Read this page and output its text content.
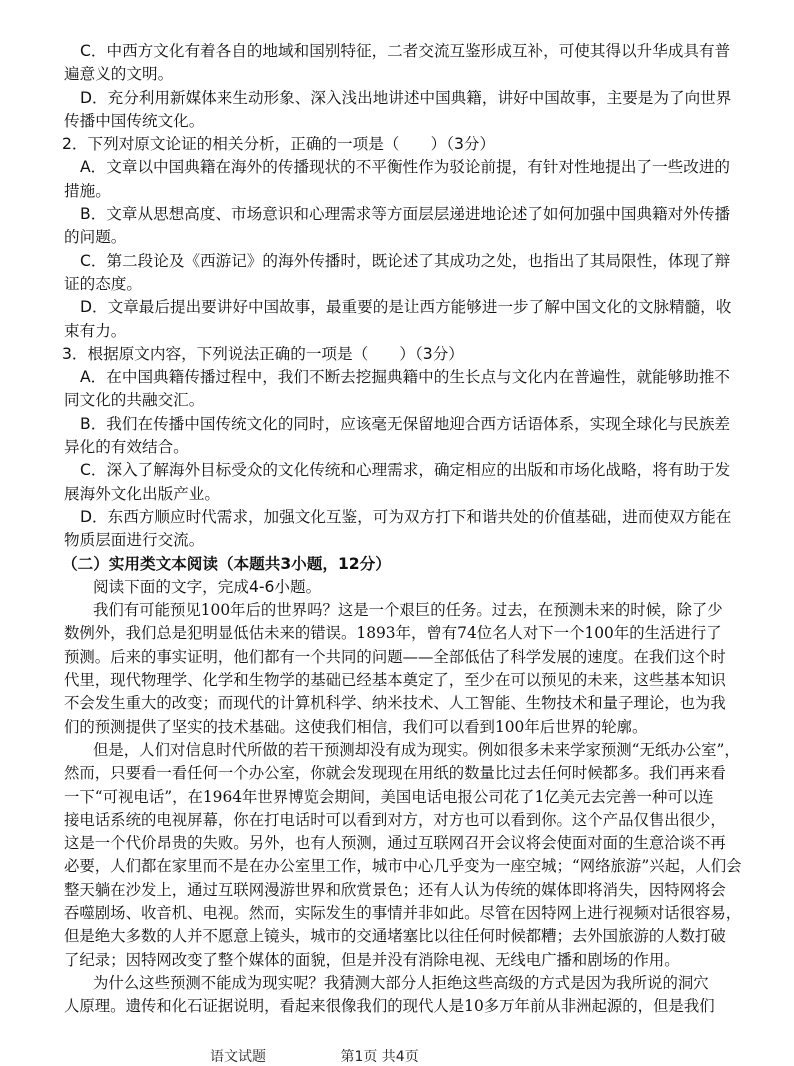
C．中西方文化有着各自的地域和国别特征，二者交流互鉴形成互补，可使其得以升华成具有普
遍意义的文明。
D．充分利用新媒体来生动形象、深入浅出地讲述中国典籍，讲好中国故事，主要是为了向世界
传播中国传统文化。
2．下列对原文论证的相关分析，正确的一项是（　　）（3分）
A．文章以中国典籍在海外的传播现状的不平衡性作为驳论前提，有针对性地提出了一些改进的
措施。
B．文章从思想高度、市场意识和心理需求等方面层层递进地论述了如何加强中国典籍对外传播
的问题。
C．第二段论及《西游记》的海外传播时，既论述了其成功之处，也指出了其局限性，体现了辩
证的态度。
D．文章最后提出要讲好中国故事，最重要的是让西方能够进一步了解中国文化的文脉精髓，收
束有力。
3．根据原文内容，下列说法正确的一项是（　　）（3分）
A．在中国典籍传播过程中，我们不断去挖掘典籍中的生长点与文化内在普遍性，就能够助推不
同文化的共融交汇。
B．我们在传播中国传统文化的同时，应该毫无保留地迎合西方话语体系，实现全球化与民族差
异化的有效结合。
C．深入了解海外目标受众的文化传统和心理需求，确定相应的出版和市场化战略，将有助于发
展海外文化出版产业。
D．东西方顺应时代需求，加强文化互鉴，可为双方打下和谐共处的价值基础，进而使双方能在
物质层面进行交流。
（二）实用类文本阅读（本题共3小题，12分）
阅读下面的文字，完成4-6小题。
我们有可能预见100年后的世界吗？这是一个艰巨的任务。过去，在预测未来的时候，除了少
数例外，我们总是犯明显低估未来的错误。1893年，曾有74位名人对下一个100年的生活进行了
预测。后来的事实证明，他们都有一个共同的问题——全部低估了科学发展的速度。在我们这个时
代里，现代物理学、化学和生物学的基础已经基本奠定了，至少在可以预见的未来，这些基本知识
不会发生重大的改变；而现代的计算机科学、纳米技术、人工智能、生物技术和量子理论，也为我
们的预测提供了坚实的技术基础。这使我们相信，我们可以看到100年后世界的轮廓。
但是，人们对信息时代所做的若干预测却没有成为现实。例如很多未来学家预测“无纸办公室”，
然而，只要看一看任何一个办公室，你就会发现现在用纸的数量比过去任何时候都多。我们再来看
一下“可视电话”，在1964年世界博览会期间，美国电话电报公司花了1亿美元去完善一种可以连
接电话系统的电视屏幕，你在打电话时可以看到对方，对方也可以看到你。这个产品仅售出很少，
这是一个代价昂贵的失败。另外，也有人预测，通过互联网召开会议将会使面对面的生意洽谈不再
必要，人们都在家里而不是在办公室里工作，城市中心几乎变为一座空城；“网络旅游”兴起，人们会
整天躺在沙发上，通过互联网漫游世界和欣赏景色；还有人认为传统的媒体即将消失，因特网将会
吞噬剧场、收音机、电视。然而，实际发生的事情并非如此。尽管在因特网上进行视频对话很容易，
但是绝大多数的人并不愿意上镜头，城市的交通堵塞比以往任何时候都糟；去外国旅游的人数打破
了纪录；因特网改变了整个媒体的面貌，但是并没有消除电视、无线电广播和剧场的作用。
为什么这些预测不能成为现实呢？我猜测大部分人拒绝这些高级的方式是因为我所说的洞穴
人原理。遗传和化石证据说明，看起来很像我们的现代人是10多万年前从非洲起源的，但是我们
语文试题	第1页 共4页
